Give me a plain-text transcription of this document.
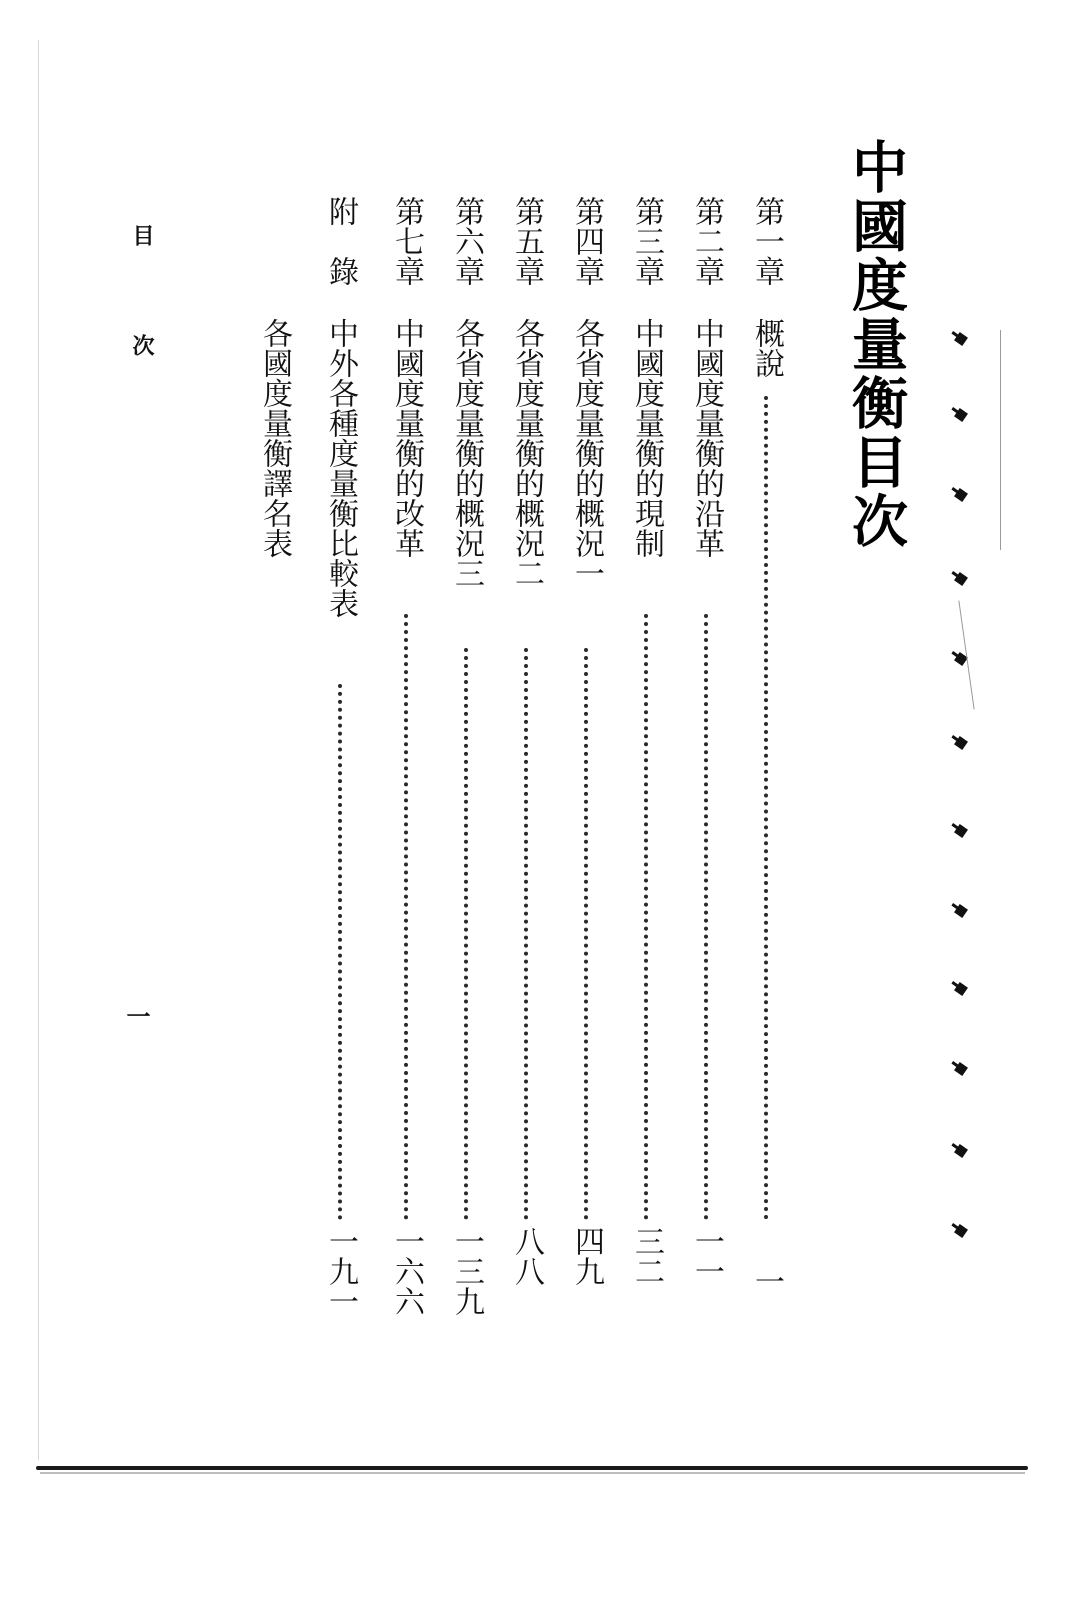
中國度量衡目次
第一章
概說
一
第二章
中國度量衡的沿革
一一
第三章
中國度量衡的現制
三二
第四章
各省度量衡的概況一
四九
第五章
各省度量衡的概況二
八八
第六章
各省度量衡的概況三
一三九
第七章
中國度量衡的改革
一六六
附　錄
中外各種度量衡比較表
一九一
各國度量衡譯名表
目次
一
